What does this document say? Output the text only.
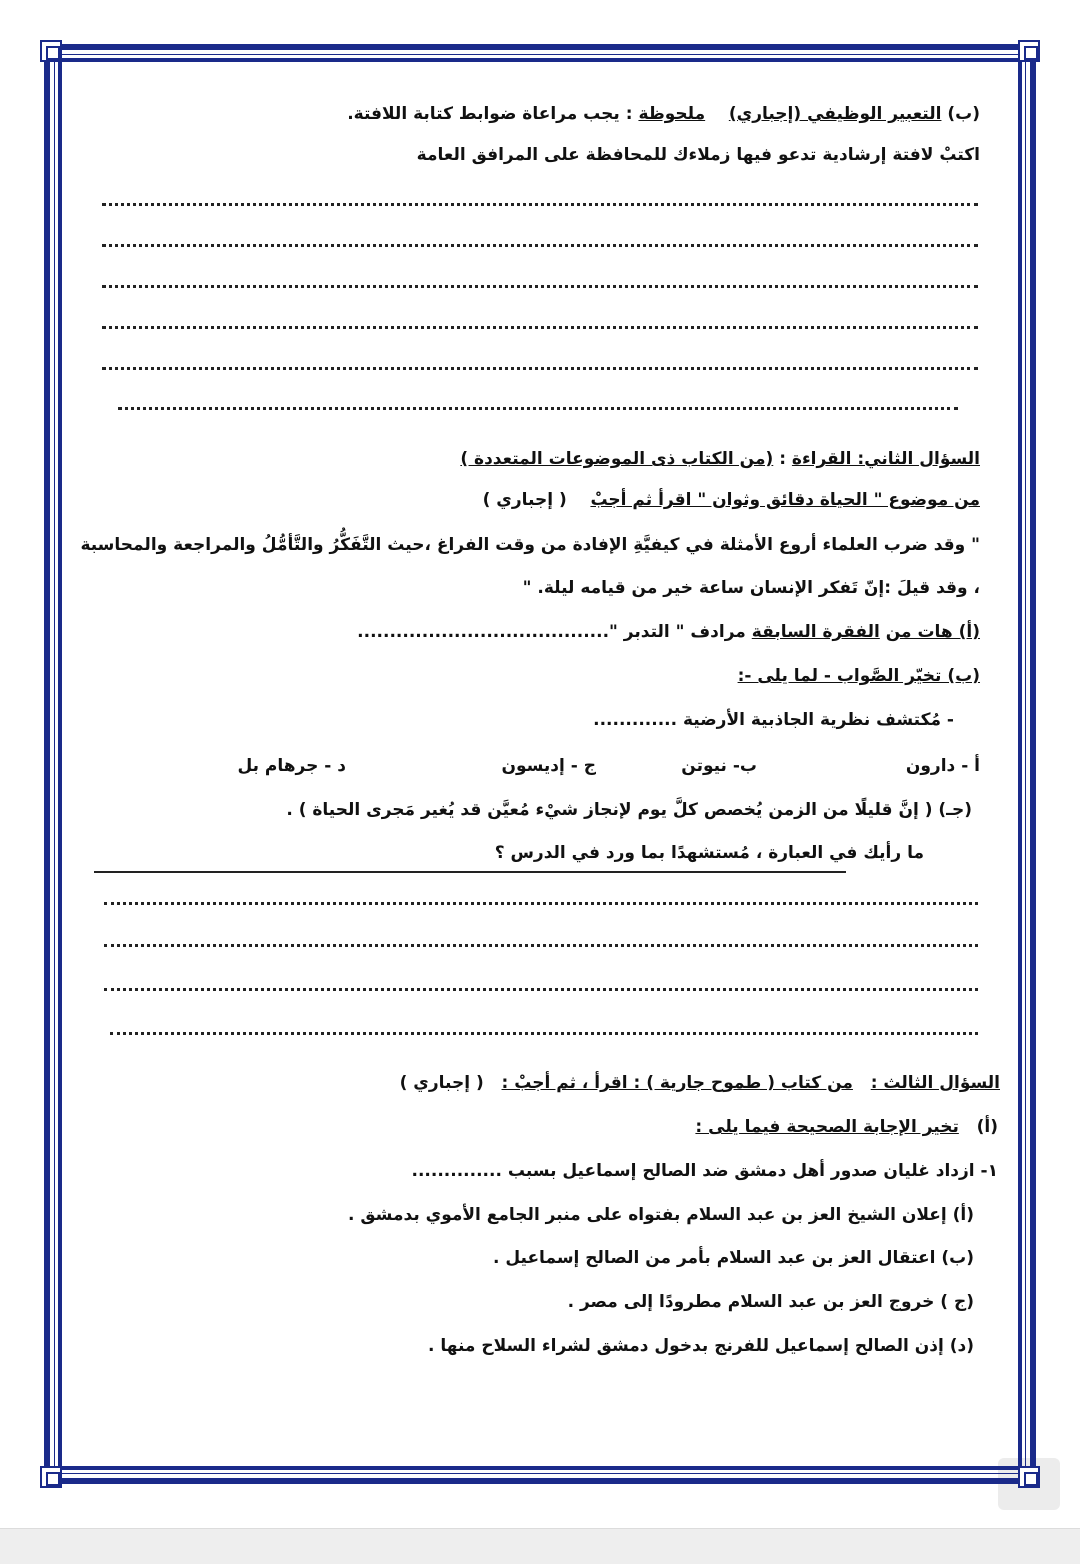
(ب) التعبير الوظيفي (إجباري)    ملحوظة : يجب مراعاة ضوابط كتابة اللافتة.
اكتبْ لافتة إرشادية تدعو فيها زملاءك للمحافظة على المرافق العامة
السؤال الثاني: القراءة : (من الكتاب ذى الموضوعات المتعددة )
من موضوع " الحياة دقائق وثوان " اقرأ ثم أجبْ    ( إجباري )
" وقد ضرب العلماء أروع الأمثلة في كيفيَّةِ الإفادة من وقت الفراغ ،حيث التَّفَكُّرُ والتَّأمُّلُ والمراجعة والمحاسبة
، وقد قيلَ :إنّ تَفكر الإنسان ساعة خير من قيامه ليلة. "
(أ) هات من الفقرة السابقة مرادف " التدبر ".......................................
(ب) تخيّر الصَّواب - لما يلى -:
- مُكتشف نظرية الجاذبية الأرضية .............
أ - دارون
ب- نيوتن
ج - إديسون
د - جرهام بل
(جـ) ( إنَّ قليلًا من الزمن يُخصص كلَّ يوم لإنجاز شيْء مُعيَّن قد يُغير مَجرى الحياة ) .
ما رأيك في العبارة ، مُستشهدًا بما ورد في الدرس ؟
السؤال الثالث :   من كتاب ( طموح جارية ) : اقرأ ، ثم أجبْ :   ( إجباري )
(أ)   تخير الإجابة الصحيحة فيما يلى :
١- ازداد غليان صدور أهل دمشق ضد الصالح إسماعيل بسبب ..............
(أ) إعلان الشيخ العز بن عبد السلام بفتواه على منبر الجامع الأموي بدمشق .
(ب) اعتقال العز بن عبد السلام بأمر من الصالح إسماعيل .
(ج ) خروج العز بن عبد السلام مطرودًا إلى مصر .
(د) إذن الصالح إسماعيل للفرنج بدخول دمشق لشراء السلاح منها .
